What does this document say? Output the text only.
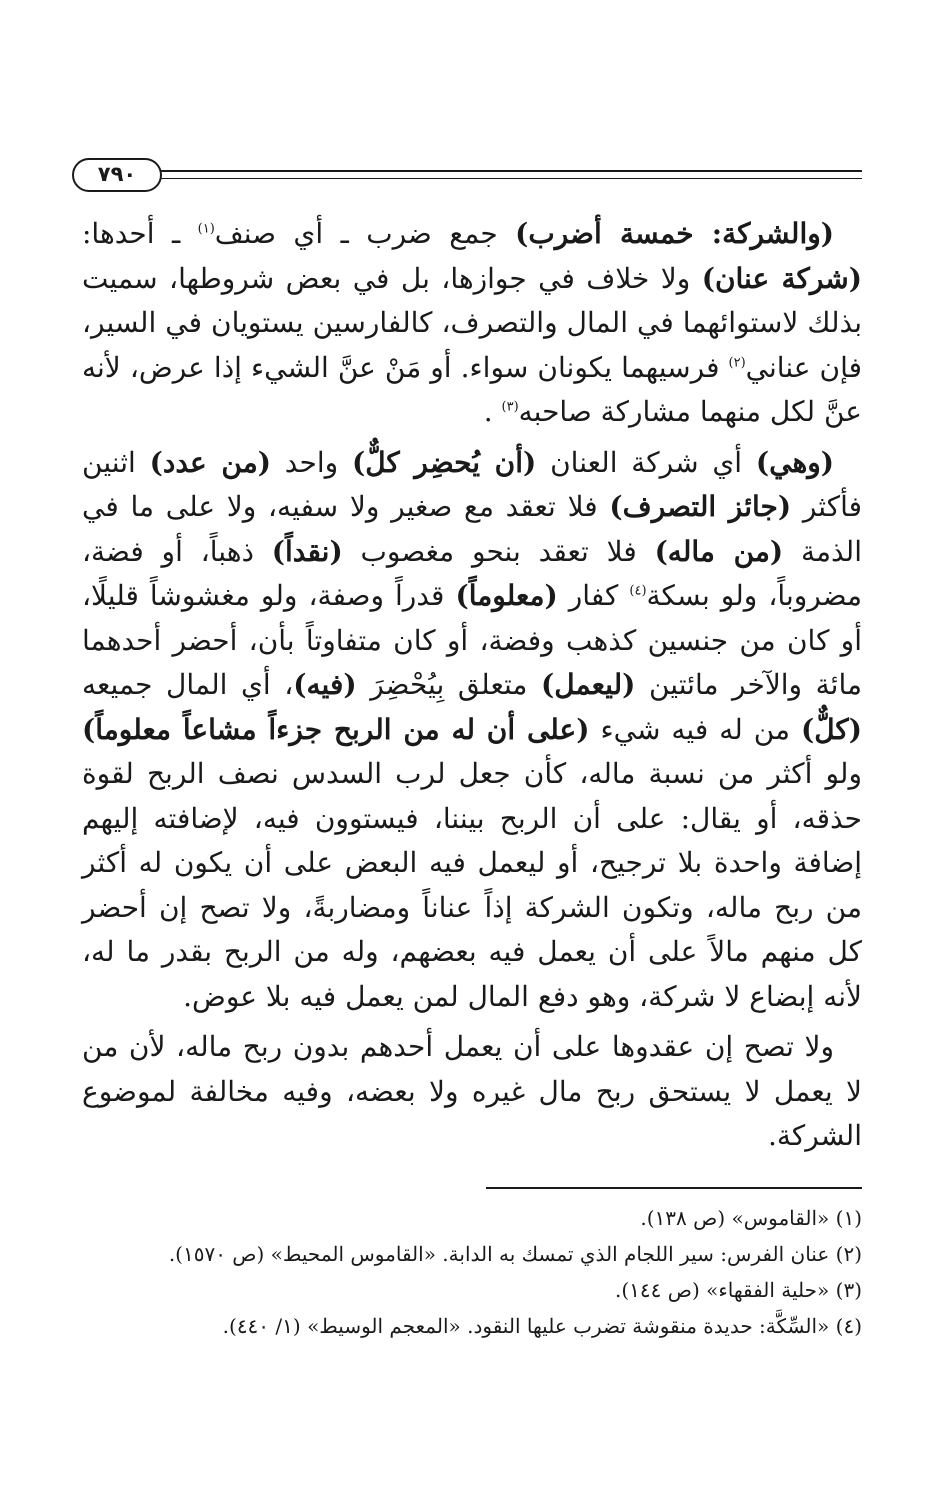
٧٩٠

(والشركة: خمسة أضرب) جمع ضرب ـ أي صنف$^{(١)}$ ـ أحدها: (شركة عنان) ولا خلاف في جوازها، بل في بعض شروطها، سميت بذلك لاستوائهما في المال والتصرف، كالفارسين يستويان في السير، فإن عناني$^{(٢)}$ فرسيهما يكونان سواء. أو مَنْ عنَّ الشيء إذا عرض، لأنه عنَّ لكل منهما مشاركة صاحبه$^{(٣)}$ .

(وهي) أي شركة العنان (أن يُحضِر كلٌّ) واحد (من عدد) اثنين فأكثر (جائز التصرف) فلا تعقد مع صغير ولا سفيه، ولا على ما في الذمة (من ماله) فلا تعقد بنحو مغصوب (نقداً) ذهباً، أو فضة، مضروباً، ولو بسكة$^{(٤)}$ كفار (معلوماً) قدراً وصفة، ولو مغشوشاً قليلًا، أو كان من جنسين كذهب وفضة، أو كان متفاوتاً بأن، أحضر أحدهما مائة والآخر مائتين (ليعمل) متعلق بِيُحْضِرَ (فيه)، أي المال جميعه (كلٌّ) من له فيه شيء (على أن له من الربح جزءاً مشاعاً معلوماً) ولو أكثر من نسبة ماله، كأن جعل لرب السدس نصف الربح لقوة حذقه، أو يقال: على أن الربح بيننا، فيستوون فيه، لإضافته إليهم إضافة واحدة بلا ترجيح، أو ليعمل فيه البعض على أن يكون له أكثر من ربح ماله، وتكون الشركة إذاً عناناً ومضاربةً، ولا تصح إن أحضر كل منهم مالاً على أن يعمل فيه بعضهم، وله من الربح بقدر ما له، لأنه إبضاع لا شركة، وهو دفع المال لمن يعمل فيه بلا عوض.

ولا تصح إن عقدوها على أن يعمل أحدهم بدون ربح ماله، لأن من لا يعمل لا يستحق ربح مال غيره ولا بعضه، وفيه مخالفة لموضوع الشركة.

(١) «القاموس» (ص ١٣٨).
(٢) عنان الفرس: سير اللجام الذي تمسك به الدابة. «القاموس المحيط» (ص ١٥٧٠).
(٣) «حلية الفقهاء» (ص ١٤٤).
(٤) «السِّكَّة: حديدة منقوشة تضرب عليها النقود. «المعجم الوسيط» (١/ ٤٤٠).
